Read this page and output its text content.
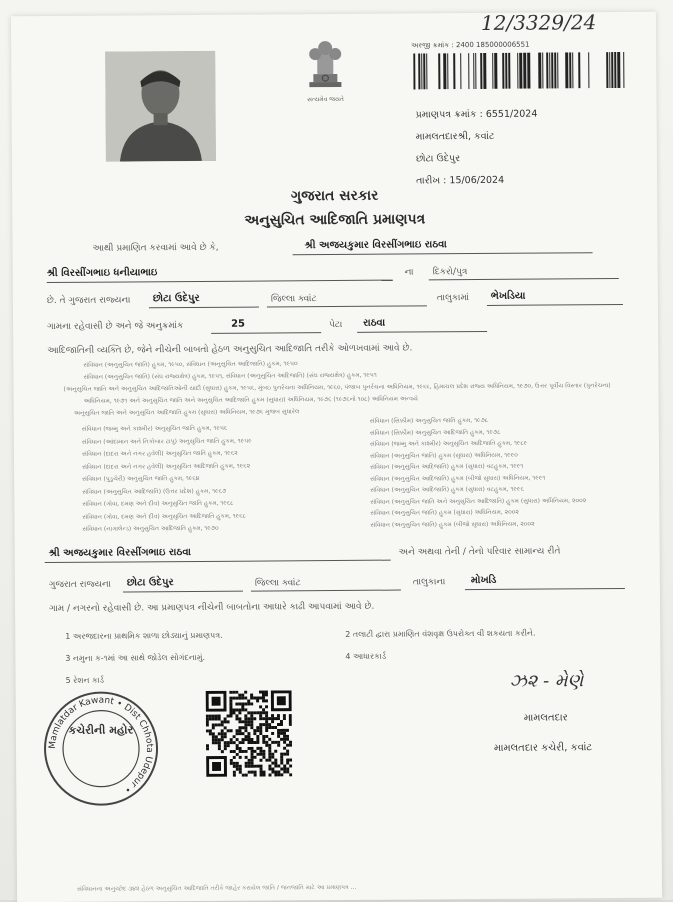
12/3329/24
સત્યમેવ જયતે
અરજી ક્રમાંક : 2400 185000006551
પ્રમાણપત્ર ક્રમાંક : 6551/2024
મામલતદારશ્રી, કવાંટ
છોટા ઉદેપુર
તારીખ : 15/06/2024
ગુજરાત સરકાર
અનુસુચિત આદિજાતિ પ્રમાણપત્ર
આથી પ્રમાણિત કરવામાં આવે છે કે,	શ્રી અજયકુમાર વિરસીંગભાઇ રાઠવા
શ્રી વિરસીંગભાઇ ધનીયાભાઇ	ના દિકરો/પુત્ર
છે. તે ગુજરાત રાજ્યના છોટા ઉદેપુર	જિલ્લા ક્વાંટ	તાલુકામાં ભેખડિયા
ગામના રહેવાસી છે અને જે અનુક્રમાંક	25	પેટા રાઠવા
આદિજાતિની વ્યક્તિ છે, જેને નીચેની બાબતો હેઠળ અનુસુચિત આદિજાતિ તરીકે ઓળખવામાં આવે છે.
સંવિધાન (અનુસુચિત જાતિ) હુકમ, ૧૯૫૦, સંવિધાન (અનુસુચિત આદિજાતિ) હુકમ, ૧૯૫૦
સંવિધાન (અનુસુચિત જાતિ) (સંઘ રાજ્યક્ષેત્ર) હુકમ, ૧૯૫૧, સંવિધાન (અનુસુચિત આદિજાતિ) (સંઘ રાજ્યક્ષેત્ર) હુકમ, ૧૯૫૧
(અનુસુચિત જાતિ અને અનુસુચિત આદિજાતિઓની યાદી (સુધારા) હુકમ, ૧૯૫૬, મુંબઇ પુનર્રચના અધિનિયમ, ૧૯૬૦, પંજાબ પુનર્રચના અધિનિયમ, ૧૯૬૬, હિમાચલ પ્રદેશ રાજ્ય અધિનિયમ, ૧૯૭૦, ઉત્તર પૂર્વીય વિસ્તાર (પુનર્રચના)
અધિનિયમ, ૧૯૭૧ અને અનુસુચિત જાતિ અને અનુસુચિત આદિજાતિ હુકમ (સુધારા) અધિનિયમ, ૧૯૭૬ (૧૯૭૬નો ૧૦૮) અધિનિયમ અન્વયે
અનુસુચિત જાતિ અને અનુસુચિત આદિજાતિ હુકમ (સુધારા) અધિનિયમ, ૧૯૭૬ મુજબ સુધારેલ
સંવિધાન (જમ્મુ અને કાશ્મીર) અનુસુચિત જાતિ હુકમ, ૧૯૫૬
સંવિધાન (આંદામાન અને નિકોબાર ટાપુ) અનુસુચિત જાતિ હુકમ, ૧૯૫૯
સંવિધાન (દાદરા અને નગર હવેલી) અનુસુચિત જાતિ હુકમ, ૧૯૬૨
સંવિધાન (દાદરા અને નગર હવેલી) અનુસુચિત આદિજાતિ હુકમ, ૧૯૬૨
સંવિધાન (પુડુચેરી) અનુસુચિત જાતિ હુકમ, ૧૯૬૪
સંવિધાન (અનુસુચિત આદિજાતિ) (ઉત્તર પ્રદેશ) હુકમ, ૧૯૬૭
સંવિધાન (ગોવા, દમણ અને દીવ) અનુસુચિત જાતિ હુકમ, ૧૯૬૮
સંવિધાન (ગોવા, દમણ અને દીવ) અનુસુચિત આદિજાતિ હુકમ, ૧૯૬૮
સંવિધાન (નાગાલેન્ડ) અનુસુચિત આદિજાતિ હુકમ, ૧૯૭૦
સંવિધાન (સિક્કીમ) અનુસુચિત જાતિ હુકમ, ૧૯૭૮
સંવિધાન (સિક્કીમ) અનુસુચિત આદિજાતિ હુકમ, ૧૯૭૮
સંવિધાન (જમ્મુ અને કાશ્મીર) અનુસુચિત આદિજાતિ હુકમ, ૧૯૮૯
સંવિધાન (અનુસુચિત જાતિ) હુકમ (સુધારા) અધિનિયમ, ૧૯૯૦
સંવિધાન (અનુસુચિત આદિજાતિ) હુકમ (સુધારા) વટહુકમ, ૧૯૯૧
સંવિધાન (અનુસુચિત આદિજાતિ) હુકમ (બીજો સુધારા) અધિનિયમ, ૧૯૯૧
સંવિધાન (અનુસુચિત આદિજાતિ) હુકમ (સુધારા) વટહુકમ, ૧૯૯૬
સંવિધાન (અનુસુચિત જાતિ અને અનુસુચિત આદિજાતિ) હુકમ (સુધારા) અધિનિયમ, ૨૦૦૨
સંવિધાન (અનુસુચિત જાતિ) હુકમ (સુધારા) અધિનિયમ, ૨૦૦૨
સંવિધાન (અનુસુચિત જાતિ) હુકમ (બીજો સુધારા) અધિનિયમ, ૨૦૦૨
શ્રી અજયકુમાર વિરસીંગભાઇ રાઠવા	અને અથવા તેની / તેનો પરિવાર સામાન્ય રીતે
ગુજરાત રાજ્યના છોટા ઉદેપુર	જિલ્લા ક્વાંટ	તાલુકાના	મોખડિ
ગામ / નગરનો રહેવાસી છે. આ પ્રમાણપત્ર નીચેની બાબતોના આધારે કાઢી આપવામાં આવે છે.
1 અરજદારના પ્રાથમિક શાળા છોડ્યાનું પ્રમાણપત્ર.	2 તલાટી દ્વારા પ્રમાણિત વંશવૃક્ષ ઉપરોક્ત વી શકયતા કરીને.
3 નમુના ક-૧માં આ સાથે જોડેલ સોગંદનામું.	4 આધારકાર્ડ
5 રેશન કાર્ડ
Mamlatdar Kawant • Dist Chhota Udepur •
કચેરીની મહોર
ઝ૨ - મેણે
મામલતદાર
મામલતદાર કચેરી, કવાંટ
સંવિધાનના અનુચ્છેદ ૩૪૨ હેઠળ અનુસુચિત આદિજાતિ તરીકે જાહેર કરાયેલ જાતિ / જનજાતિ માટે આ પ્રમાણપત્ર ...
